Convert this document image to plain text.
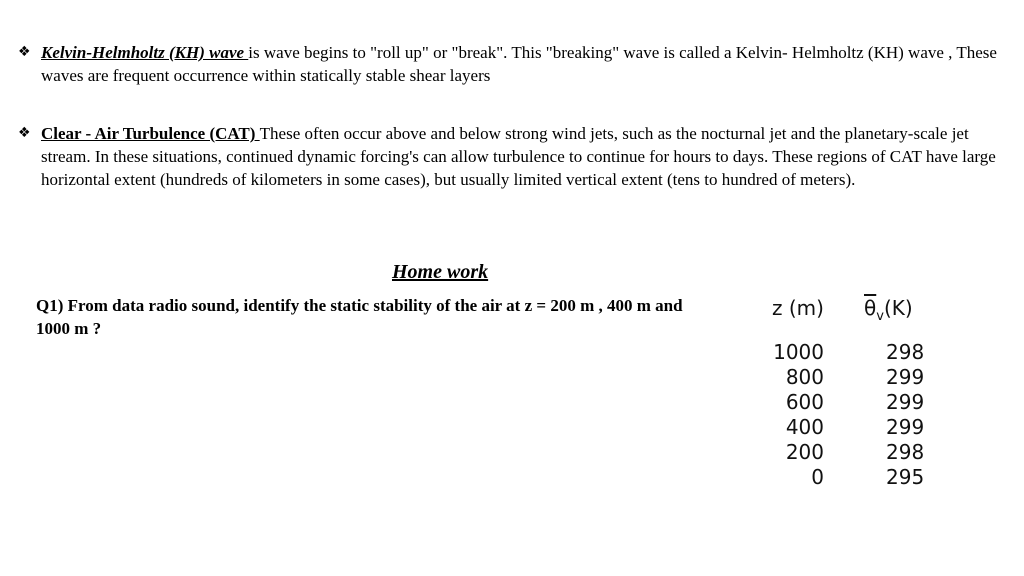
❖ Kelvin-Helmholtz (KH) wave is wave begins to "roll up" or "break". This "breaking" wave is called a Kelvin- Helmholtz (KH) wave , These waves are frequent occurrence within statically stable shear layers
❖ Clear - Air Turbulence (CAT) These often occur above and below strong wind jets, such as the nocturnal jet and the planetary-scale jet stream. In these situations, continued dynamic forcing's can allow turbulence to continue for hours to days. These regions of CAT have large horizontal extent (hundreds of kilometers in some cases), but usually limited vertical extent (tens to hundred of meters).
Home work
Q1) From data radio sound, identify the static stability of the air at z = 200 m , 400 m and 1000 m ?
z (m) $\overline{\theta}_v(K)$
1000	298
800	299
600	299
400	299
200	298
0	295
